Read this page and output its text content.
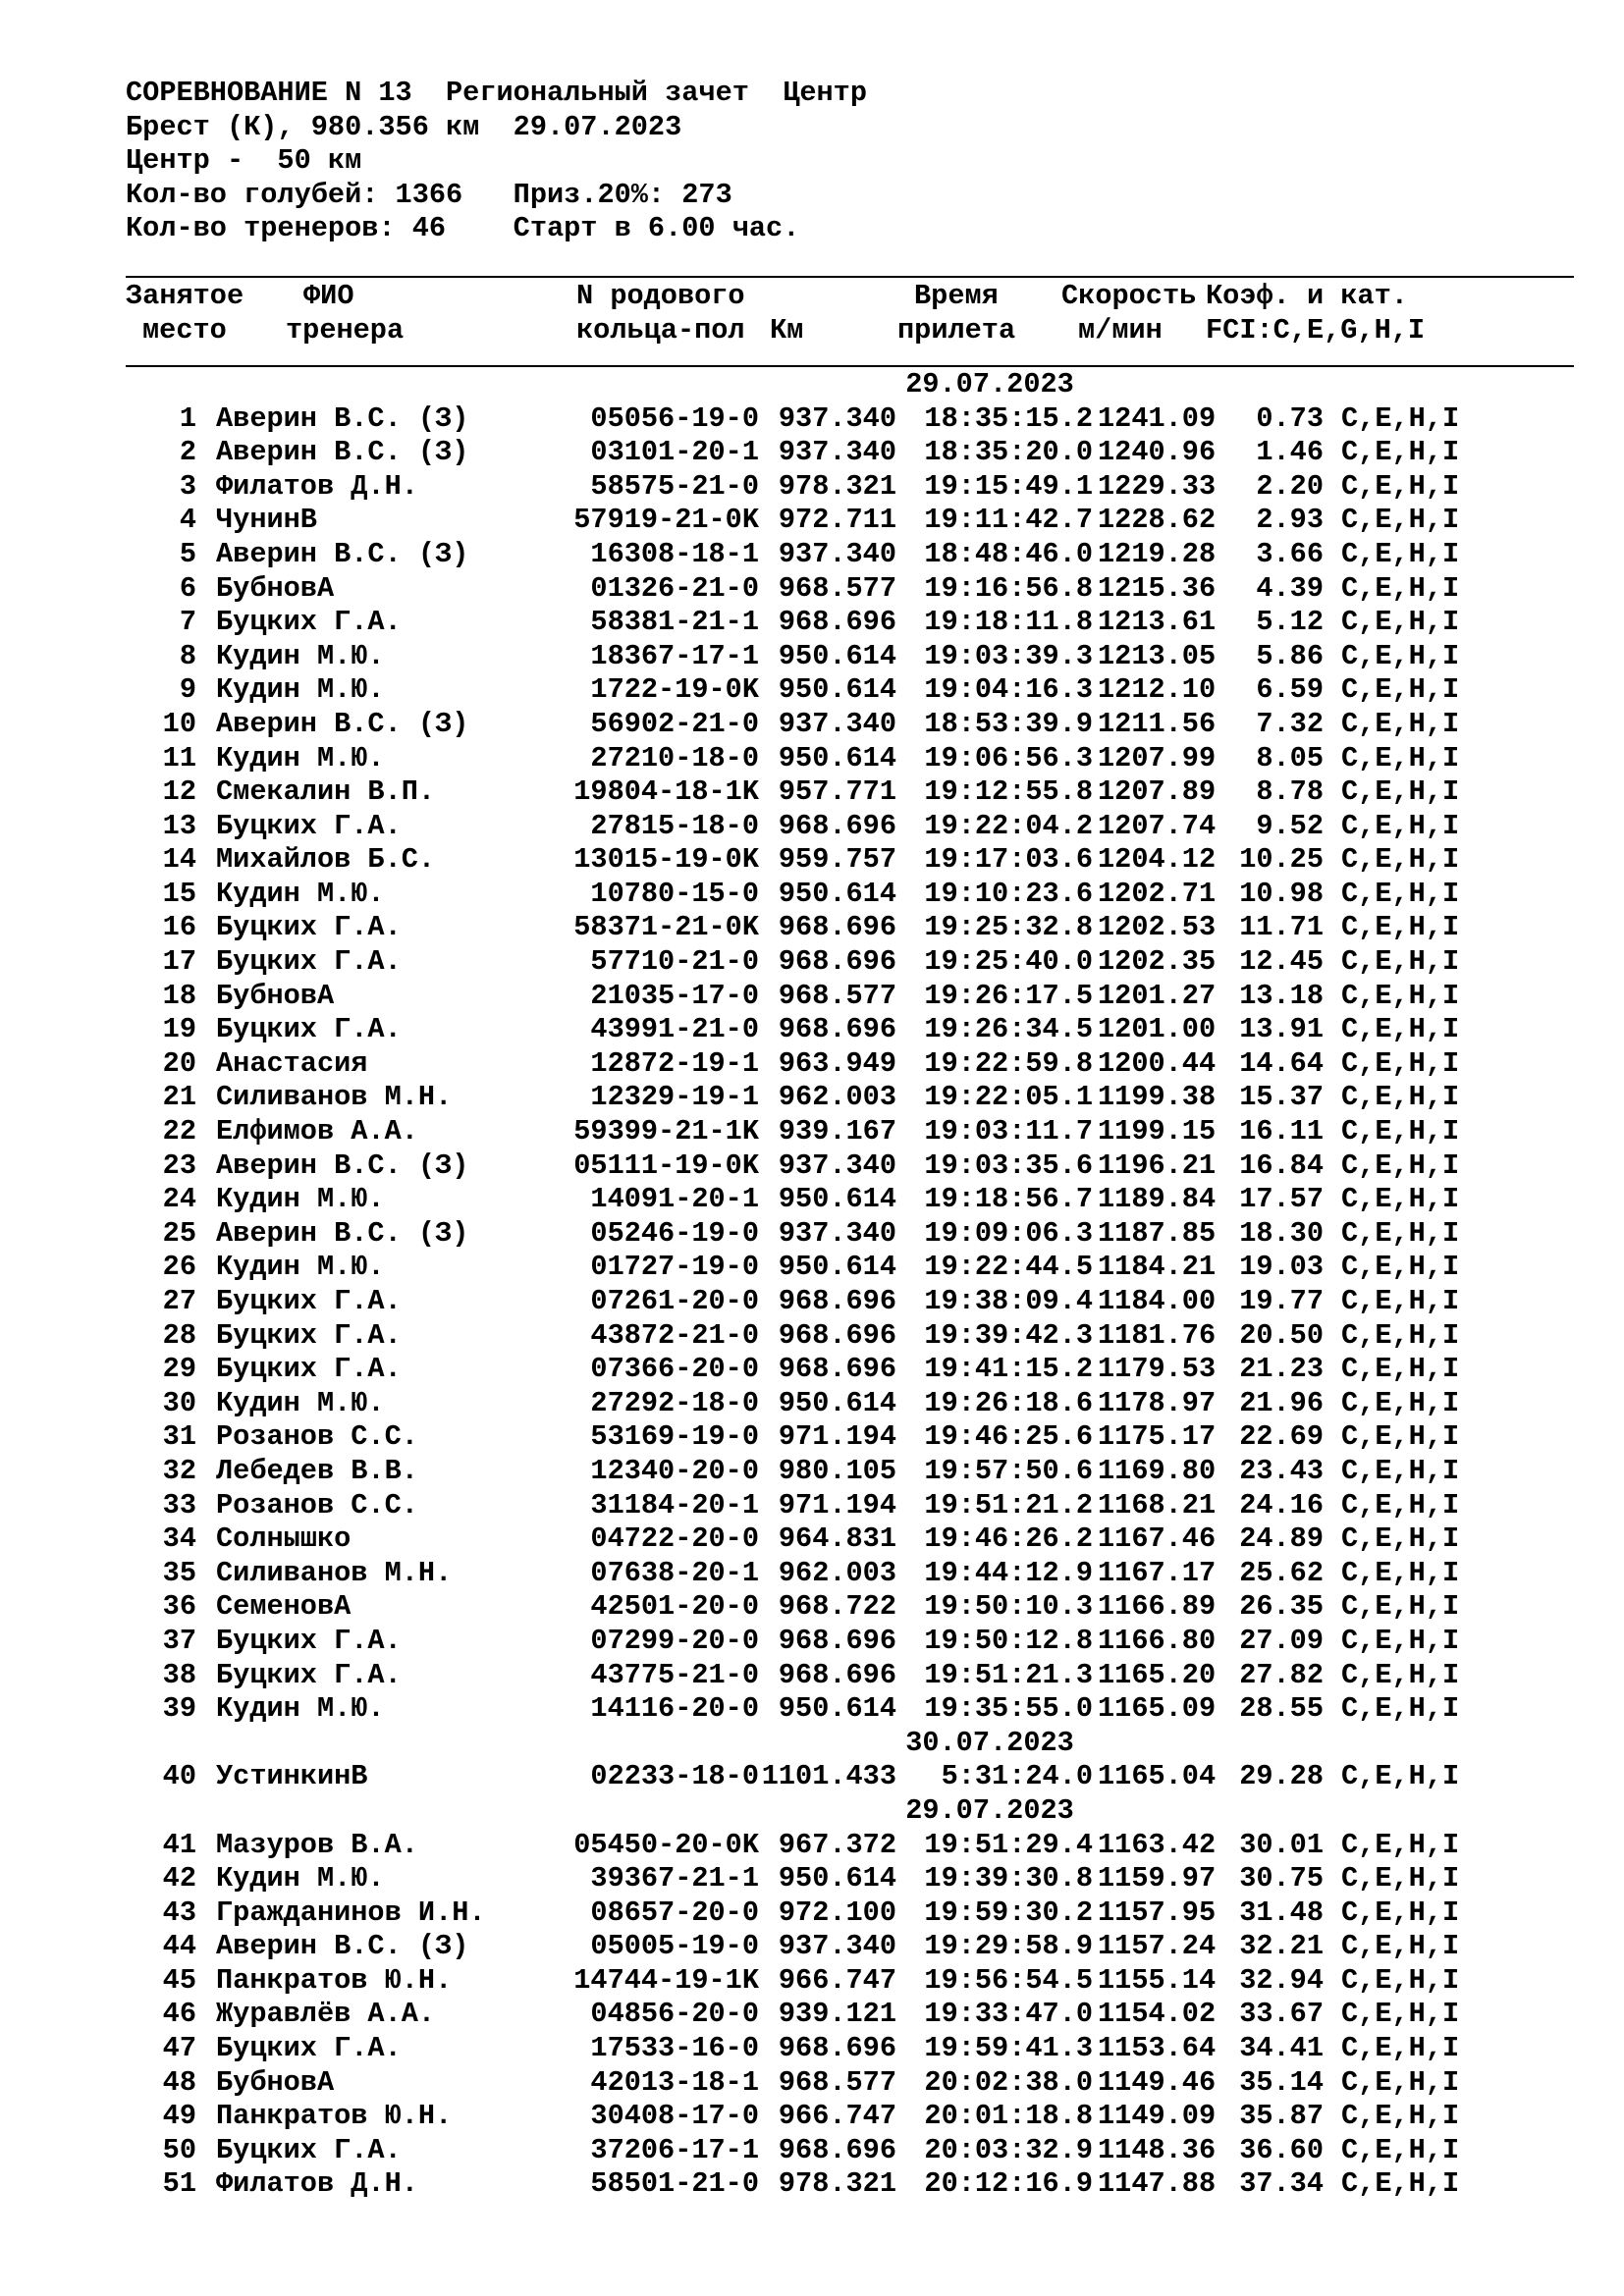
СОРЕВНОВАНИЕ N 13  Региональный зачет  Центр
Брест (К), 980.356 км  29.07.2023
Центр -  50 км
Кол-во голубей: 1366   Приз.20%: 273
Кол-во тренеров: 46    Старт в 6.00 час.
Занятое
место
ФИО
тренера
N родового
кольца-пол Км
Время
прилета
Скорость
м/мин
Коэф. и кат.
FCI:C,E,G,H,I
29.07.2023
1 Аверин В.С. (З)	05056-19-0 937.340 18:35:15.2 1241.09	0.73 C,E,H,I
2 Аверин В.С. (З)	03101-20-1 937.340 18:35:20.0 1240.96	1.46 C,E,H,I
3 Филатов Д.Н.	58575-21-0 978.321 19:15:49.1 1229.33	2.20 C,E,H,I
4 ЧунинВ	57919-21-0K 972.711 19:11:42.7 1228.62	2.93 C,E,H,I
5 Аверин В.С. (З)	16308-18-1 937.340 18:48:46.0 1219.28	3.66 C,E,H,I
6 БубновА	01326-21-0 968.577 19:16:56.8 1215.36	4.39 C,E,H,I
7 Буцких Г.А.	58381-21-1 968.696 19:18:11.8 1213.61	5.12 C,E,H,I
8 Кудин М.Ю.	18367-17-1 950.614 19:03:39.3 1213.05	5.86 C,E,H,I
9 Кудин М.Ю.	1722-19-0K 950.614 19:04:16.3 1212.10	6.59 C,E,H,I
10 Аверин В.С. (З)	56902-21-0 937.340 18:53:39.9 1211.56	7.32 C,E,H,I
11 Кудин М.Ю.	27210-18-0 950.614 19:06:56.3 1207.99	8.05 C,E,H,I
12 Смекалин В.П.	19804-18-1K 957.771 19:12:55.8 1207.89	8.78 C,E,H,I
13 Буцких Г.А.	27815-18-0 968.696 19:22:04.2 1207.74	9.52 C,E,H,I
14 Михайлов Б.С.	13015-19-0K 959.757 19:17:03.6 1204.12 10.25 C,E,H,I
15 Кудин М.Ю.	10780-15-0 950.614 19:10:23.6 1202.71 10.98 C,E,H,I
16 Буцких Г.А.	58371-21-0K 968.696 19:25:32.8 1202.53 11.71 C,E,H,I
17 Буцких Г.А.	57710-21-0 968.696 19:25:40.0 1202.35 12.45 C,E,H,I
18 БубновА	21035-17-0 968.577 19:26:17.5 1201.27 13.18 C,E,H,I
19 Буцких Г.А.	43991-21-0 968.696 19:26:34.5 1201.00 13.91 C,E,H,I
20 Анастасия	12872-19-1 963.949 19:22:59.8 1200.44 14.64 C,E,H,I
21 Силиванов М.Н.	12329-19-1 962.003 19:22:05.1 1199.38 15.37 C,E,H,I
22 Елфимов А.А.	59399-21-1K 939.167 19:03:11.7 1199.15 16.11 C,E,H,I
23 Аверин В.С. (З)	05111-19-0K 937.340 19:03:35.6 1196.21 16.84 C,E,H,I
24 Кудин М.Ю.	14091-20-1 950.614 19:18:56.7 1189.84 17.57 C,E,H,I
25 Аверин В.С. (З)	05246-19-0 937.340 19:09:06.3 1187.85 18.30 C,E,H,I
26 Кудин М.Ю.	01727-19-0 950.614 19:22:44.5 1184.21 19.03 C,E,H,I
27 Буцких Г.А.	07261-20-0 968.696 19:38:09.4 1184.00 19.77 C,E,H,I
28 Буцких Г.А.	43872-21-0 968.696 19:39:42.3 1181.76 20.50 C,E,H,I
29 Буцких Г.А.	07366-20-0 968.696 19:41:15.2 1179.53 21.23 C,E,H,I
30 Кудин М.Ю.	27292-18-0 950.614 19:26:18.6 1178.97 21.96 C,E,H,I
31 Розанов С.С.	53169-19-0 971.194 19:46:25.6 1175.17 22.69 C,E,H,I
32 Лебедев В.В.	12340-20-0 980.105 19:57:50.6 1169.80 23.43 C,E,H,I
33 Розанов С.С.	31184-20-1 971.194 19:51:21.2 1168.21 24.16 C,E,H,I
34 Солнышко	04722-20-0 964.831 19:46:26.2 1167.46 24.89 C,E,H,I
35 Силиванов М.Н.	07638-20-1 962.003 19:44:12.9 1167.17 25.62 C,E,H,I
36 СеменовА	42501-20-0 968.722 19:50:10.3 1166.89 26.35 C,E,H,I
37 Буцких Г.А.	07299-20-0 968.696 19:50:12.8 1166.80 27.09 C,E,H,I
38 Буцких Г.А.	43775-21-0 968.696 19:51:21.3 1165.20 27.82 C,E,H,I
39 Кудин М.Ю.	14116-20-0 950.614 19:35:55.0 1165.09 28.55 C,E,H,I
30.07.2023
40 УстинкинВ	02233-18-0 1101.433	5:31:24.0 1165.04 29.28 C,E,H,I
29.07.2023
41 Мазуров В.А.	05450-20-0K 967.372 19:51:29.4 1163.42 30.01 C,E,H,I
42 Кудин М.Ю.	39367-21-1 950.614 19:39:30.8 1159.97 30.75 C,E,H,I
43 Гражданинов И.Н.	08657-20-0 972.100 19:59:30.2 1157.95 31.48 C,E,H,I
44 Аверин В.С. (З)	05005-19-0 937.340 19:29:58.9 1157.24 32.21 C,E,H,I
45 Панкратов Ю.Н.	14744-19-1K 966.747 19:56:54.5 1155.14 32.94 C,E,H,I
46 Журавлёв А.А.	04856-20-0 939.121 19:33:47.0 1154.02 33.67 C,E,H,I
47 Буцких Г.А.	17533-16-0 968.696 19:59:41.3 1153.64 34.41 C,E,H,I
48 БубновА	42013-18-1 968.577 20:02:38.0 1149.46 35.14 C,E,H,I
49 Панкратов Ю.Н.	30408-17-0 966.747 20:01:18.8 1149.09 35.87 C,E,H,I
50 Буцких Г.А.	37206-17-1 968.696 20:03:32.9 1148.36 36.60 C,E,H,I
51 Филатов Д.Н.	58501-21-0 978.321 20:12:16.9 1147.88 37.34 C,E,H,I
